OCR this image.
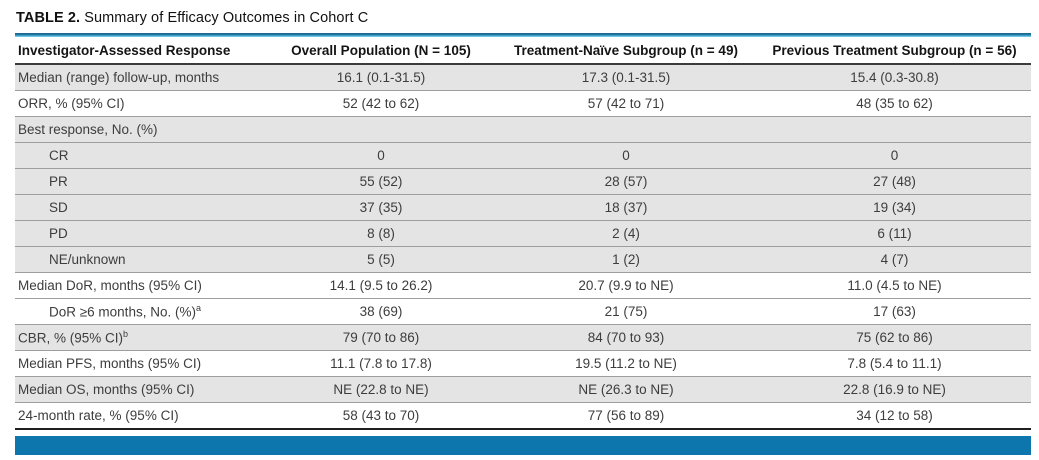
TABLE 2. Summary of Efficacy Outcomes in Cohort C
Investigator-Assessed Response	Overall Population (N = 105)	Treatment-Naïve Subgroup (n = 49)	Previous Treatment Subgroup (n = 56)
Median (range) follow-up, months	16.1 (0.1-31.5)	17.3 (0.1-31.5)	15.4 (0.3-30.8)
ORR, % (95% CI)	52 (42 to 62)	57 (42 to 71)	48 (35 to 62)
Best response, No. (%)			
CR	0	0	0
PR	55 (52)	28 (57)	27 (48)
SD	37 (35)	18 (37)	19 (34)
PD	8 (8)	2 (4)	6 (11)
NE/unknown	5 (5)	1 (2)	4 (7)
Median DoR, months (95% CI)	14.1 (9.5 to 26.2)	20.7 (9.9 to NE)	11.0 (4.5 to NE)
DoR ≥6 months, No. (%)$^a$	38 (69)	21 (75)	17 (63)
CBR, % (95% CI)$^b$	79 (70 to 86)	84 (70 to 93)	75 (62 to 86)
Median PFS, months (95% CI)	11.1 (7.8 to 17.8)	19.5 (11.2 to NE)	7.8 (5.4 to 11.1)
Median OS, months (95% CI)	NE (22.8 to NE)	NE (26.3 to NE)	22.8 (16.9 to NE)
24-month rate, % (95% CI)	58 (43 to 70)	77 (56 to 89)	34 (12 to 58)
